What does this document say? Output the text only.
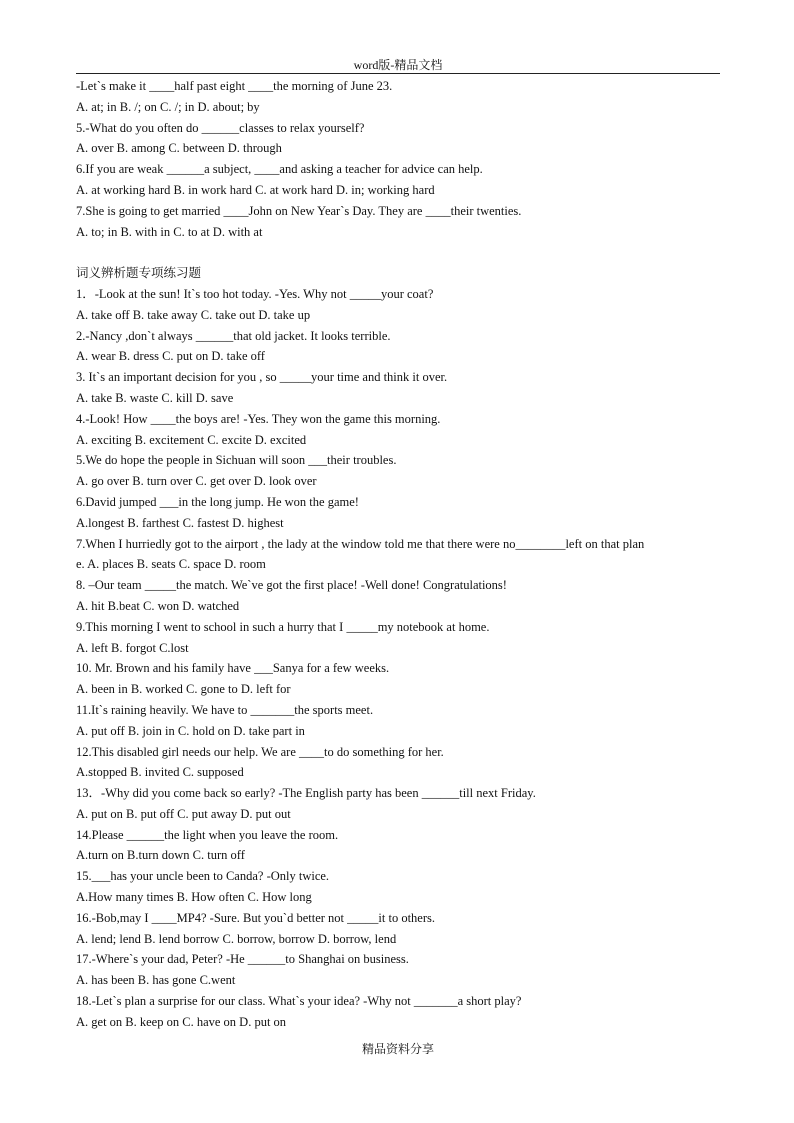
word版-精品文档
-Let`s make it ____half past eight ____the morning of June 23.
A. at; in B. /; on C. /; in D. about; by
5.-What do you often do ______classes to relax yourself?
A. over B. among C. between D. through
6.If you are weak ______a subject, ____and asking a teacher for advice can help.
A. at working hard B. in work hard C. at work hard D. in; working hard
7.She is going to get married ____John on New Year`s Day. They are ____their twenties.
A. to; in B. with in C. to at D. with at
词义辨析题专项练习题
1．-Look at the sun! It`s too hot today. -Yes. Why not _____your coat?
A. take off B. take away C. take out D. take up
2.-Nancy ,don`t always ______that old jacket. It looks terrible.
A. wear B. dress C. put on D. take off
3. It`s an important decision for you , so _____your time and think it over.
A. take B. waste C. kill D. save
4.-Look! How ____the boys are! -Yes. They won the game this morning.
A. exciting B. excitement C. excite D. excited
5.We do hope the people in Sichuan will soon ___their troubles.
A. go over B. turn over C. get over D. look over
6.David jumped ___in the long jump. He won the game!
A.longest B. farthest C. fastest D. highest
7.When I hurriedly got to the airport , the lady at the window told me that there were no________left on that plan
e. A. places B. seats C. space D. room
8. –Our team _____the match. We`ve got the first place! -Well done! Congratulations!
A. hit B.beat C. won D. watched
9.This morning I went to school in such a hurry that I _____my notebook at home.
A. left B. forgot C.lost
10. Mr. Brown and his family have ___Sanya for a few weeks.
A. been in B. worked C. gone to D. left for
11.It`s raining heavily. We have to _______the sports meet.
A. put off B. join in C. hold on D. take part in
12.This disabled girl needs our help. We are ____to do something for her.
A.stopped B. invited C. supposed
13．-Why did you come back so early? -The English party has been ______till next Friday.
A. put on B. put off C. put away D. put out
14.Please ______the light when you leave the room.
A.turn on B.turn down C. turn off
15.___has your uncle been to Canda? -Only twice.
A.How many times B. How often C. How long
16.-Bob,may I ____MP4? -Sure. But you`d better not _____it to others.
A. lend; lend B. lend borrow C. borrow, borrow D. borrow, lend
17.-Where`s your dad, Peter? -He ______to Shanghai on business.
A. has been B. has gone C.went
18.-Let`s plan a surprise for our class. What`s your idea? -Why not _______a short play?
A. get on B. keep on C. have on D. put on
精品资料分享
